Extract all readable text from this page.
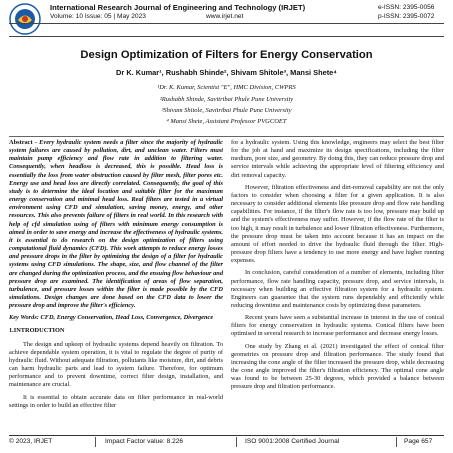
International Research Journal of Engineering and Technology (IRJET)	e-ISSN: 2395-0056
Volume: 10 Issue: 05 | May 2023	www.irjet.net	p-ISSN: 2395-0072
Design Optimization of Filters for Energy Conservation
Dr K. Kumar¹, Rushabh Shinde², Shivam Shitole³, Mansi Shete⁴
¹Dr. K. Kumar, Scientist "E", HMC Division, CWPRS
²Rushabh Shinde, Savitribai Phule Pune University
³Shivam Shitole, Savitribai Phule Pune University
⁴ Mansi Shete, Assistant Professor PVGCOET

Abstract - Every hydraulic system needs a filter since the majority of hydraulic system failures are caused by pollution, dirt, and unclean water. Filters must maintain pump efficiency and flow rate in addition to filtering water. Consequently, when headloss is decreased, this is possible. Head loss is essentially the loss from water obstruction caused by filter mesh, filter pores etc. Energy use and head loss are directly correlated. Consequently, the goal of this study is to determine the ideal location and suitable filter for the maximum energy conservation and minimal head loss. Real filters are tested in a virtual environment using CFD and simulation, saving money, energy, and other resources. This also prevents failure of filters in real world. In this research with help of cfd simulation using of filters with minimum energy consumption is aimed in order to save energy and increase the effectiveness of hydraulic systems. it is essential to do research on the design optimization of filters using computational fluid dynamics (CFD). This work attempts to reduce energy losses and pressure drops in the filter by optimizing the design of a filter for hydraulic systems using CFD simulations. The shape, size, and flow channel of the filter are changed during the optimization process, and the ensuing flow behaviour and pressure drop are examined. The identification of areas of flow separation, turbulence, and pressure losses within the filter is made possible by the CFD simulations. Design changes are done based on the CFD data to lower the pressure drop and improve the filter's efficiency.

Key Words: CFD, Energy Conservation, Head Loss, Convergence, Divergence

1.INTRODUCTION

The design and upkeep of hydraulic systems depend heavily on filtration. To achieve dependable system operation, it is vital to regulate the degree of purity of hydraulic fluid. Without adequate filtration, pollutants like moisture, dirt, and debris can harm hydraulic parts and lead to system failure. Therefore, for optimum performance and to prevent downtime, correct filter design, installation, and maintenance are crucial.

It is essential to obtain accurate data on filter performance in real-world settings in order to build an effective filter

for a hydraulic system. Using this knowledge, engineers may select the best filter for the job at hand and maximize its design specifications, including the filter medium, pore size, and geometry. By doing this, they can reduce pressure drop and service intervals while achieving the appropriate level of filtering efficiency and dirt removal capacity.

However, filtration effectiveness and dirt-removal capability are not the only factors to consider when choosing a filter for a given application. It is also necessary to consider additional elements like pressure drop and flow rate handling capabilities. For instance, if the filter's flow rate is too low, pressure may build up and the system's effectiveness may suffer. However, if the flow rate of the filter is too high, it may result in turbulence and lower filtration effectiveness. Furthermore, the pressure drop must be taken into account because it has an impact on the amount of effort needed to drive the hydraulic fluid through the filter. High-pressure drop filters have a tendency to use more energy and have higher running expenses.

In conclusion, careful consideration of a number of elements, including filter performance, flow rate handling capacity, pressure drop, and service intervals, is necessary when building an effective filtration system for a hydraulic system. Engineers can guarantee that the system runs dependably and efficiently while reducing downtime and maintenance costs by optimizing these parameters.

Recent years have seen a substantial increase in interest in the use of conical filters for energy conservation in hydraulic systems. Conical filters have been optimised in several research to increase performance and decrease energy losses.

One study by Zhang et al. (2021) investigated the effect of conical filter geometries on pressure drop and filtration performance. The study found that increasing the cone angle of the filter increased the pressure drop, while decreasing the cone angle improved the filter's filtration efficiency. The optimal cone angle was found to be between 25-30 degrees, which provided a balance between pressure drop and filtration performance.

© 2023, IRJET	Impact Factor value: 8.226	ISO 9001:2008 Certified Journal	Page 657
